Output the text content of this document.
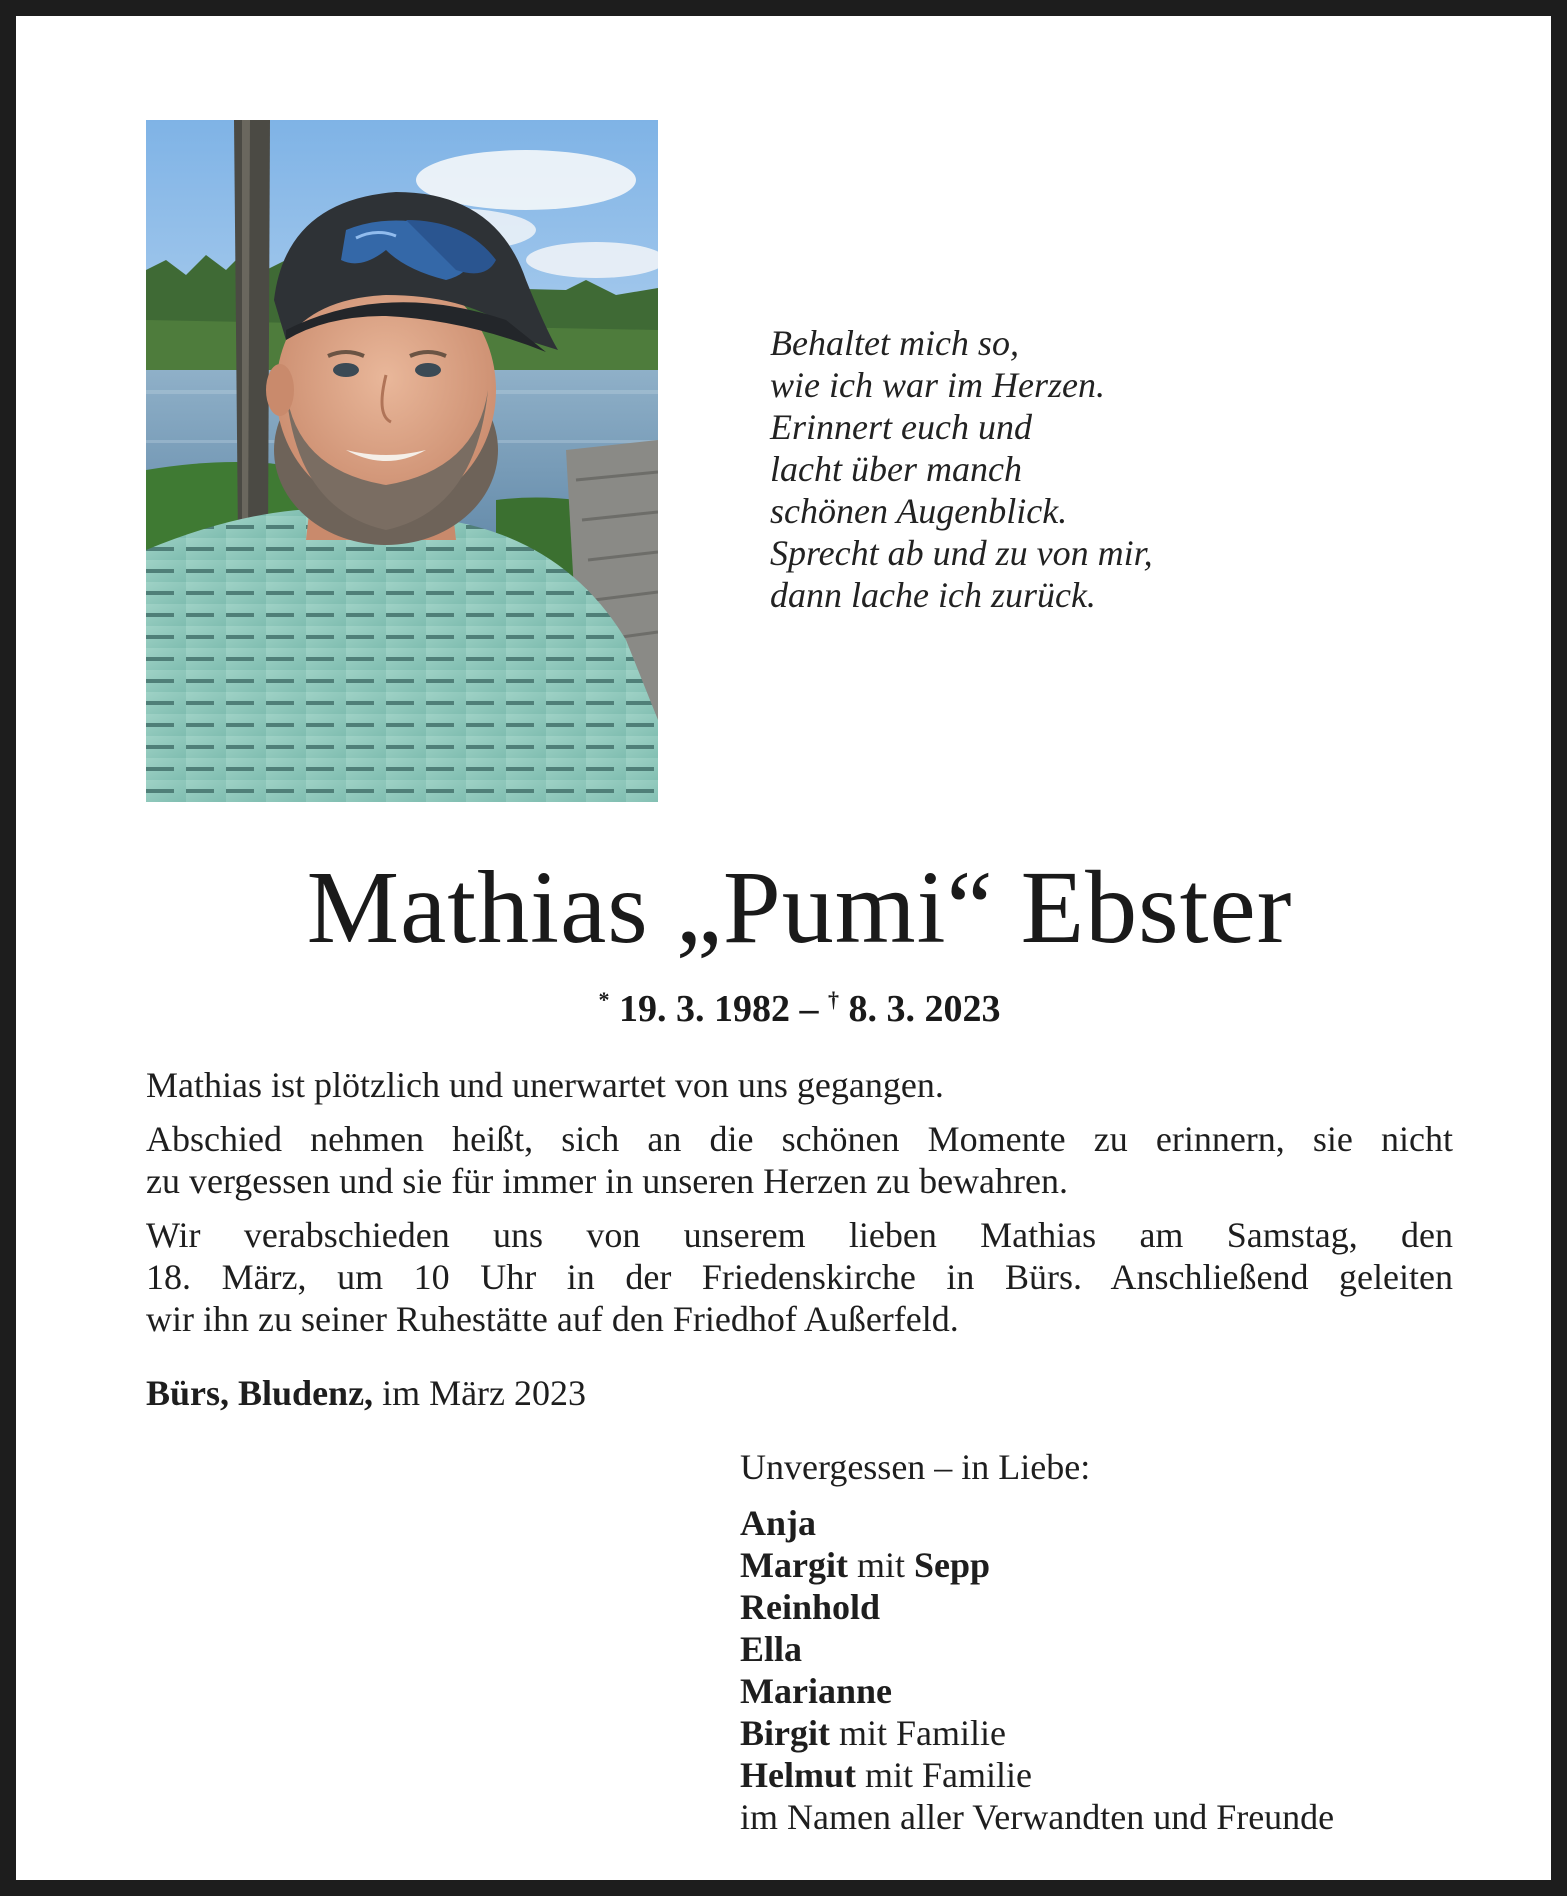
Behaltet mich so,
wie ich war im Herzen.
Erinnert euch und
lacht über manch
schönen Augenblick.
Sprecht ab und zu von mir,
dann lache ich zurück.
Mathias „Pumi“ Ebster
* 19. 3. 1982 – † 8. 3. 2023

Mathias ist plötzlich und unerwartet von uns gegangen.

Abschied nehmen heißt, sich an die schönen Momente zu erinnern, sie nicht
zu vergessen und sie für immer in unseren Herzen zu bewahren.

Wir verabschieden uns von unserem lieben Mathias am Samstag, den
18. März, um 10 Uhr in der Friedenskirche in Bürs. Anschließend geleiten
wir ihn zu seiner Ruhestätte auf den Friedhof Außerfeld.

Bürs, Bludenz, im März 2023
Unvergessen – in Liebe:
Anja
Margit mit Sepp
Reinhold
Ella
Marianne
Birgit mit Familie
Helmut mit Familie
im Namen aller Verwandten und Freunde
